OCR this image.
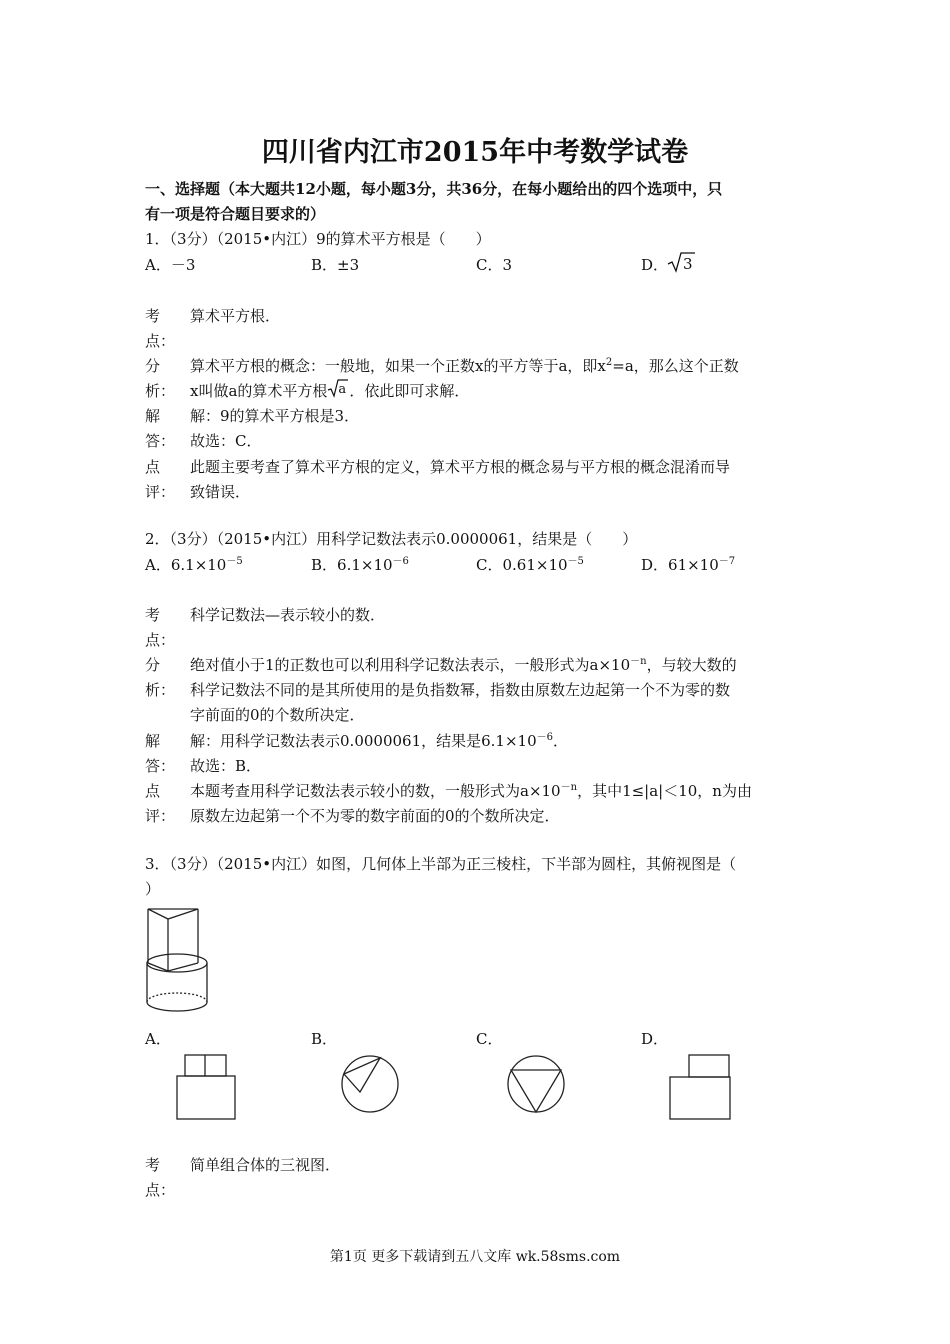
四川省内江市2015年中考数学试卷
一、选择题（本大题共12小题，每小题3分，共36分，在每小题给出的四个选项中，只
有一项是符合题目要求的）
1．（3分）（2015•内江）9的算术平方根是（　　）
A．－3	B．±3	C．3	D． 3
考
点：
算术平方根．
分
析：
算术平方根的概念：一般地，如果一个正数x的平方等于a，即$x^2=a$，那么这个正数
x叫做a的算术平方根 a ．依此即可求解．
解
答：
解：9的算术平方根是3．
故选：C．
点
评：
此题主要考查了算术平方根的定义，算术平方根的概念易与平方根的概念混淆而导
致错误．
2．（3分）（2015•内江）用科学记数法表示0.0000061，结果是（　　）
A．$6.1\times 10^{-5}$	B．$6.1\times 10^{-6}$	C．$0.61\times 10^{-5}$	D．$61\times 10^{-7}$
考
点：
科学记数法—表示较小的数．
分
析：
绝对值小于1的正数也可以利用科学记数法表示，一般形式为$a\times 10^{-n}$，与较大数的
科学记数法不同的是其所使用的是负指数幂，指数由原数左边起第一个不为零的数
字前面的0的个数所决定．
解
答：
解：用科学记数法表示0.0000061，结果是$6.1\times 10^{-6}$．
故选：B．
点
评：
本题考查用科学记数法表示较小的数，一般形式为$a\times 10^{-n}$，其中1≤|a|＜10，n为由
原数左边起第一个不为零的数字前面的0的个数所决定．
3．（3分）（2015•内江）如图，几何体上半部为正三棱柱，下半部为圆柱，其俯视图是（
）
A．	B．	C．	D．
考
点：
简单组合体的三视图．
第1页 更多下载请到五八文库 wk.58sms.com
